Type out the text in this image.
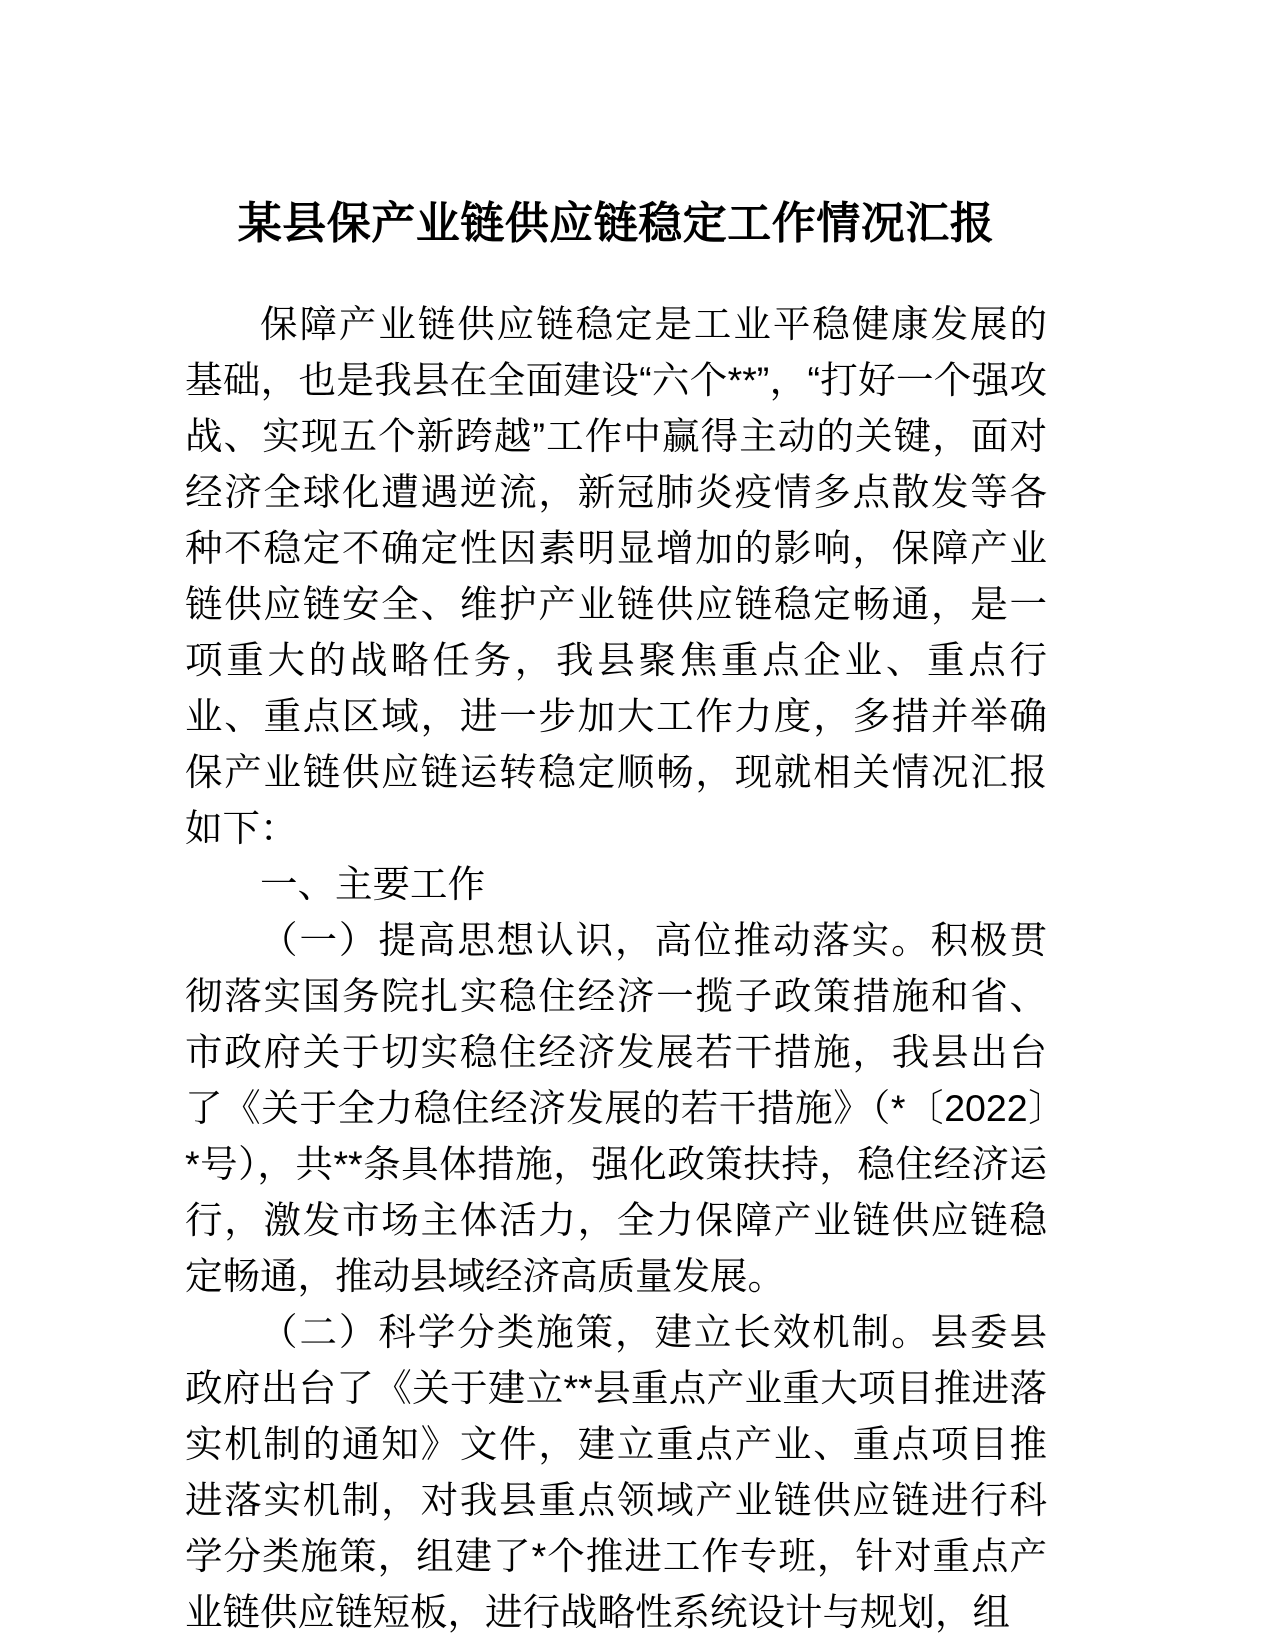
某县保产业链供应链稳定工作情况汇报

保障产业链供应链稳定是工业平稳健康发展的基础，也是我县在全面建设“六个**”，“打好一个强攻战、实现五个新跨越”工作中赢得主动的关键，面对经济全球化遭遇逆流，新冠肺炎疫情多点散发等各种不稳定不确定性因素明显增加的影响，保障产业链供应链安全、维护产业链供应链稳定畅通，是一项重大的战略任务，我县聚焦重点企业、重点行业、重点区域，进一步加大工作力度，多措并举确保产业链供应链运转稳定顺畅，现就相关情况汇报如下：

一、主要工作

（一）提高思想认识，高位推动落实。积极贯彻落实国务院扎实稳住经济一揽子政策措施和省、市政府关于切实稳住经济发展若干措施，我县出台了《关于全力稳住经济发展的若干措施》（*〔2022〕*号），共**条具体措施，强化政策扶持，稳住经济运行，激发市场主体活力，全力保障产业链供应链稳定畅通，推动县域经济高质量发展。

（二）科学分类施策，建立长效机制。县委县政府出台了《关于建立**县重点产业重大项目推进落实机制的通知》文件，建立重点产业、重点项目推进落实机制，对我县重点领域产业链供应链进行科学分类施策，组建了*个推进工作专班，针对重点产业链供应链短板，进行战略性系统设计与规划，组
